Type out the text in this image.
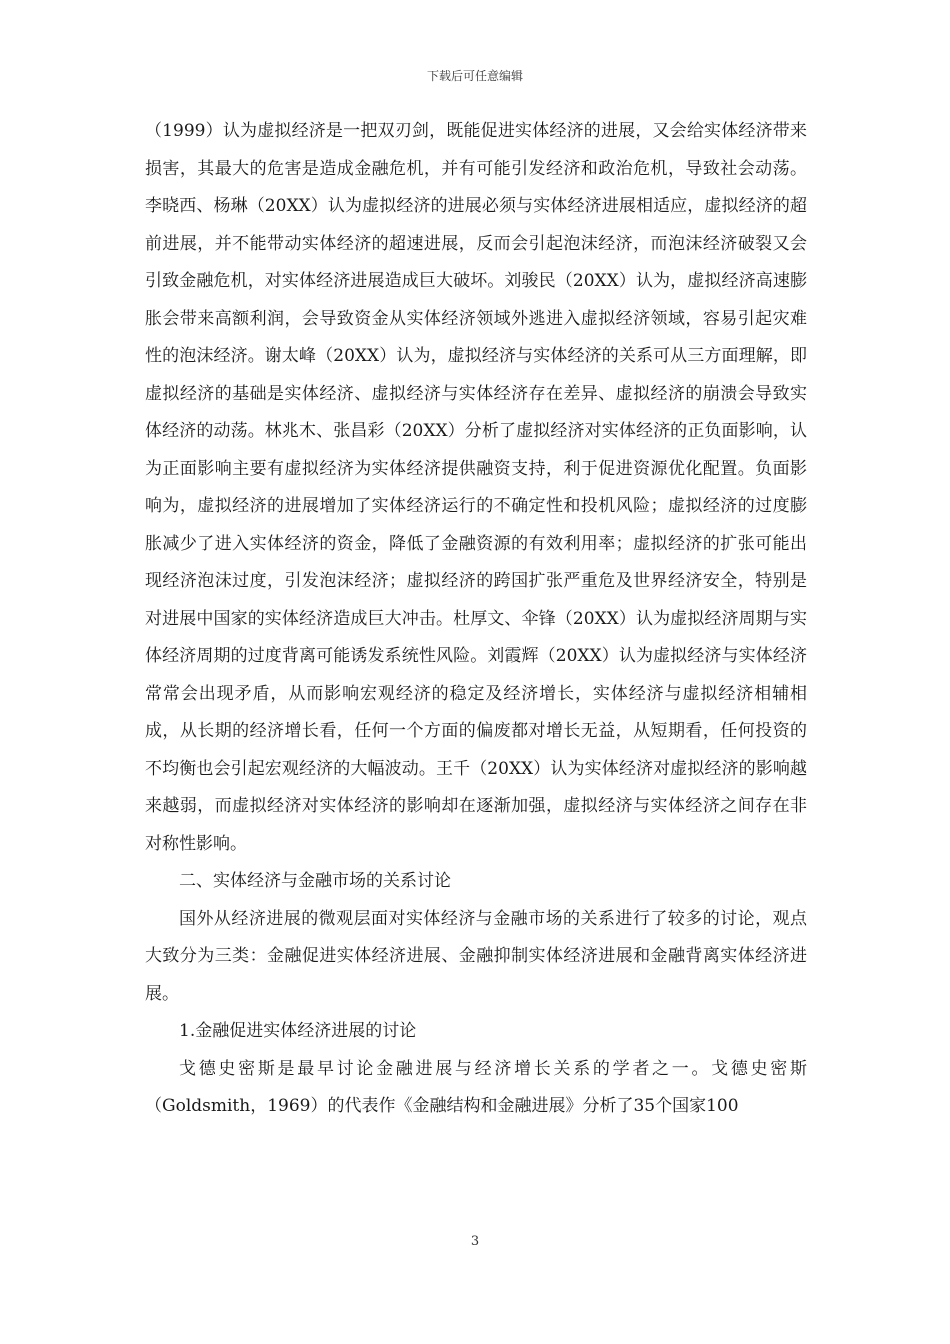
下载后可任意编辑

（1999）认为虚拟经济是一把双刃剑，既能促进实体经济的进展，又会给实体经济带来损害，其最大的危害是造成金融危机，并有可能引发经济和政治危机，导致社会动荡。李晓西、杨琳（20XX）认为虚拟经济的进展必须与实体经济进展相适应，虚拟经济的超前进展，并不能带动实体经济的超速进展，反而会引起泡沫经济，而泡沫经济破裂又会引致金融危机，对实体经济进展造成巨大破坏。刘骏民（20XX）认为，虚拟经济高速膨胀会带来高额利润，会导致资金从实体经济领域外逃进入虚拟经济领域，容易引起灾难性的泡沫经济。谢太峰（20XX）认为，虚拟经济与实体经济的关系可从三方面理解，即虚拟经济的基础是实体经济、虚拟经济与实体经济存在差异、虚拟经济的崩溃会导致实体经济的动荡。林兆木、张昌彩（20XX）分析了虚拟经济对实体经济的正负面影响，认为正面影响主要有虚拟经济为实体经济提供融资支持，利于促进资源优化配置。负面影响为，虚拟经济的进展增加了实体经济运行的不确定性和投机风险；虚拟经济的过度膨胀减少了进入实体经济的资金，降低了金融资源的有效利用率；虚拟经济的扩张可能出现经济泡沫过度，引发泡沫经济；虚拟经济的跨国扩张严重危及世界经济安全，特别是对进展中国家的实体经济造成巨大冲击。杜厚文、伞锋（20XX）认为虚拟经济周期与实体经济周期的过度背离可能诱发系统性风险。刘霞辉（20XX）认为虚拟经济与实体经济常常会出现矛盾，从而影响宏观经济的稳定及经济增长，实体经济与虚拟经济相辅相成，从长期的经济增长看，任何一个方面的偏废都对增长无益，从短期看，任何投资的不均衡也会引起宏观经济的大幅波动。王千（20XX）认为实体经济对虚拟经济的影响越来越弱，而虚拟经济对实体经济的影响却在逐渐加强，虚拟经济与实体经济之间存在非对称性影响。

二、实体经济与金融市场的关系讨论

国外从经济进展的微观层面对实体经济与金融市场的关系进行了较多的讨论，观点大致分为三类：金融促进实体经济进展、金融抑制实体经济进展和金融背离实体经济进展。

1.金融促进实体经济进展的讨论

戈德史密斯是最早讨论金融进展与经济增长关系的学者之一。戈德史密斯（Goldsmith，1969）的代表作《金融结构和金融进展》分析了35个国家100

3
